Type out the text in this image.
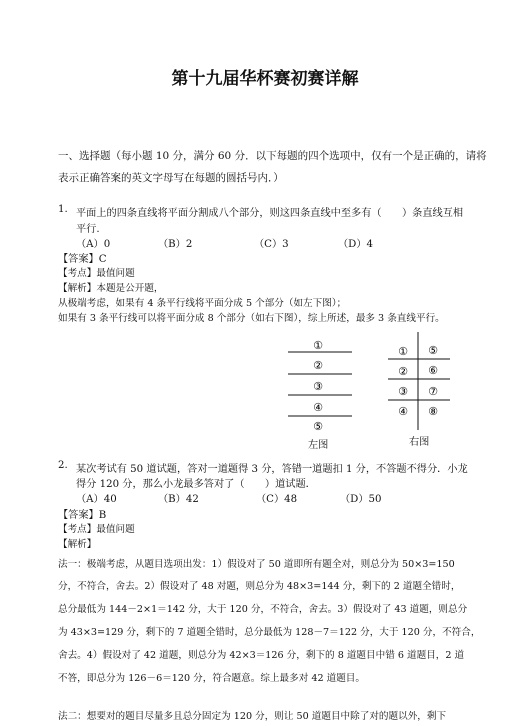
第十九届华杯赛初赛详解
一、选择题（每小题 10 分，满分 60 分．以下每题的四个选项中，仅有一个是正确的，请将
表示正确答案的英文字母写在每题的圆括号内．）
1. 平面上的四条直线将平面分割成八个部分，则这四条直线中至多有（　　）条直线互相
平行.
（A）0	（B）2	（C）3	（D）4
【答案】C
【考点】最值问题
【解析】本题是公开题，
从极端考虑，如果有 4 条平行线将平面分成 5 个部分（如左下图）；
如果有 3 条平行线可以将平面分成 8 个部分（如右下图），综上所述，最多 3 条直线平行。
①
②
③
④
⑤
① ⑤
② ⑥
③ ⑦
④ ⑧
左图	右图
2. 某次考试有 50 道试题，答对一道题得 3 分，答错一道题扣 1 分，不答题不得分．小龙
得分 120 分，那么小龙最多答对了（　　）道试题．
（A）40	（B）42	（C）48	（D）50
【答案】B
【考点】最值问题
【解析】
法一：极端考虑，从题目选项出发：1）假设对了 50 道即所有题全对，则总分为 50×3=150
分，不符合，舍去。2）假设对了 48 对题，则总分为 48×3=144 分，剩下的 2 道题全错时，
总分最低为 144－2×1＝142 分，大于 120 分，不符合，舍去。3）假设对了 43 道题，则总分
为 43×3=129 分，剩下的 7 道题全错时，总分最低为 128－7＝122 分，大于 120 分，不符合，
舍去。4）假设对了 42 道题，则总分为 42×3＝126 分，剩下的 8 道题目中错 6 道题目，2 道
不答，即总分为 126－6＝120 分，符合题意。综上最多对 42 道题目。
法二：想要对的题目尽量多且总分固定为 120 分，则让 50 道题目中除了对的题以外，剩下
